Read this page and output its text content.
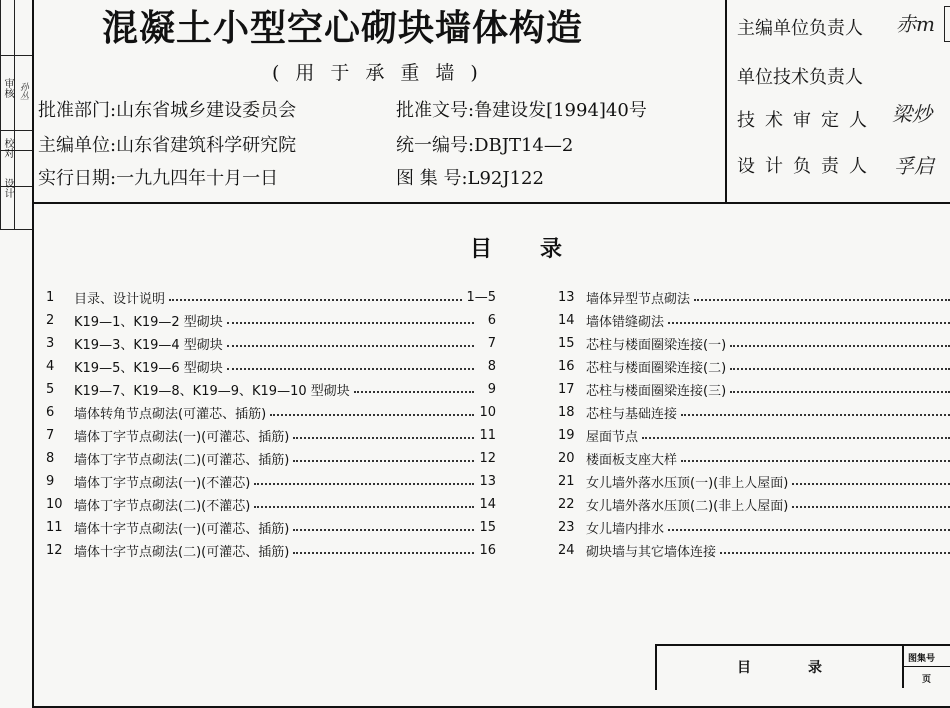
审核
校对
设计
孙丛
混凝土小型空心砌块墙体构造
(用于承重墙)
批准部门:山东省城乡建设委员会	批准文号:鲁建设发[1994]40号
主编单位:山东省建筑科学研究院	统一编号:DBJT14—2
实行日期:一九九四年十月一日	图 集 号:L92J122
主编单位负责人 赤m
单位技术负责人
技术审定人 梁炒
设计负责人 孚启
目 录
1	目录、设计说明	1—5
2	K19—1、K19—2 型砌块	6
3	K19—3、K19—4 型砌块	7
4	K19—5、K19—6 型砌块	8
5	K19—7、K19—8、K19—9、K19—10 型砌块	9
6	墙体转角节点砌法(可灌芯、插筋)	10
7	墙体丁字节点砌法(一)(可灌芯、插筋)	11
8	墙体丁字节点砌法(二)(可灌芯、插筋)	12
9	墙体丁字节点砌法(一)(不灌芯)	13
10 墙体丁字节点砌法(二)(不灌芯)	14
11 墙体十字节点砌法(一)(可灌芯、插筋)	15
12 墙体十字节点砌法(二)(可灌芯、插筋)	16
13 墙体异型节点砌法
14 墙体错缝砌法
15 芯柱与楼面圈梁连接(一)
16 芯柱与楼面圈梁连接(二)
17 芯柱与楼面圈梁连接(三)
18 芯柱与基础连接
19 屋面节点
20 楼面板支座大样
21 女儿墙外落水压顶(一)(非上人屋面)
22 女儿墙外落水压顶(二)(非上人屋面)
23 女儿墙内排水
24 砌块墙与其它墙体连接
目	录
图集号
页
